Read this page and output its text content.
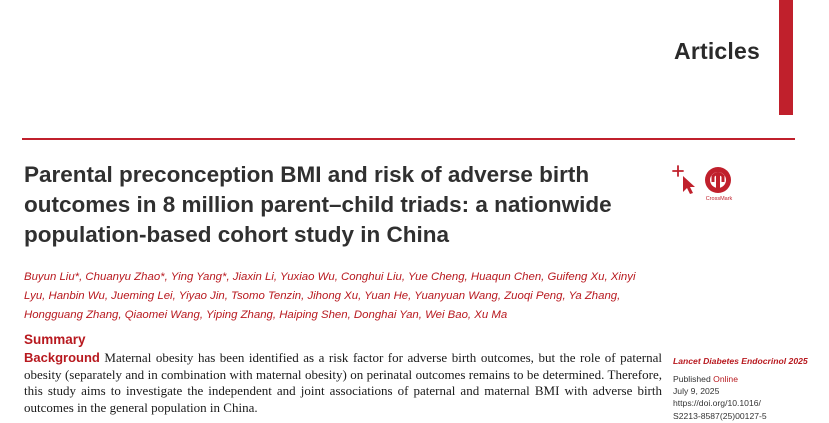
Articles
Parental preconception BMI and risk of adverse birth outcomes in 8 million parent–child triads: a nationwide population-based cohort study in China
CrossMark

Buyun Liu*, Chuanyu Zhao*, Ying Yang*, Jiaxin Li, Yuxiao Wu, Conghui Liu, Yue Cheng, Huaqun Chen, Guifeng Xu, Xinyi Lyu, Hanbin Wu, Jueming Lei, Yiyao Jin, Tsomo Tenzin, Jihong Xu, Yuan He, Yuanyuan Wang, Zuoqi Peng, Ya Zhang, Hongguang Zhang, Qiaomei Wang, Yiping Zhang, Haiping Shen, Donghai Yan, Wei Bao, Xu Ma

Summary

Background Maternal obesity has been identified as a risk factor for adverse birth outcomes, but the role of paternal obesity (separately and in combination with maternal obesity) on perinatal outcomes remains to be determined. Therefore, this study aims to investigate the independent and joint associations of paternal and maternal BMI with adverse birth outcomes in the general population in China.

Lancet Diabetes Endocrinol 2025
Published Online
July 9, 2025
https://doi.org/10.1016/
S2213-8587(25)00127-5
